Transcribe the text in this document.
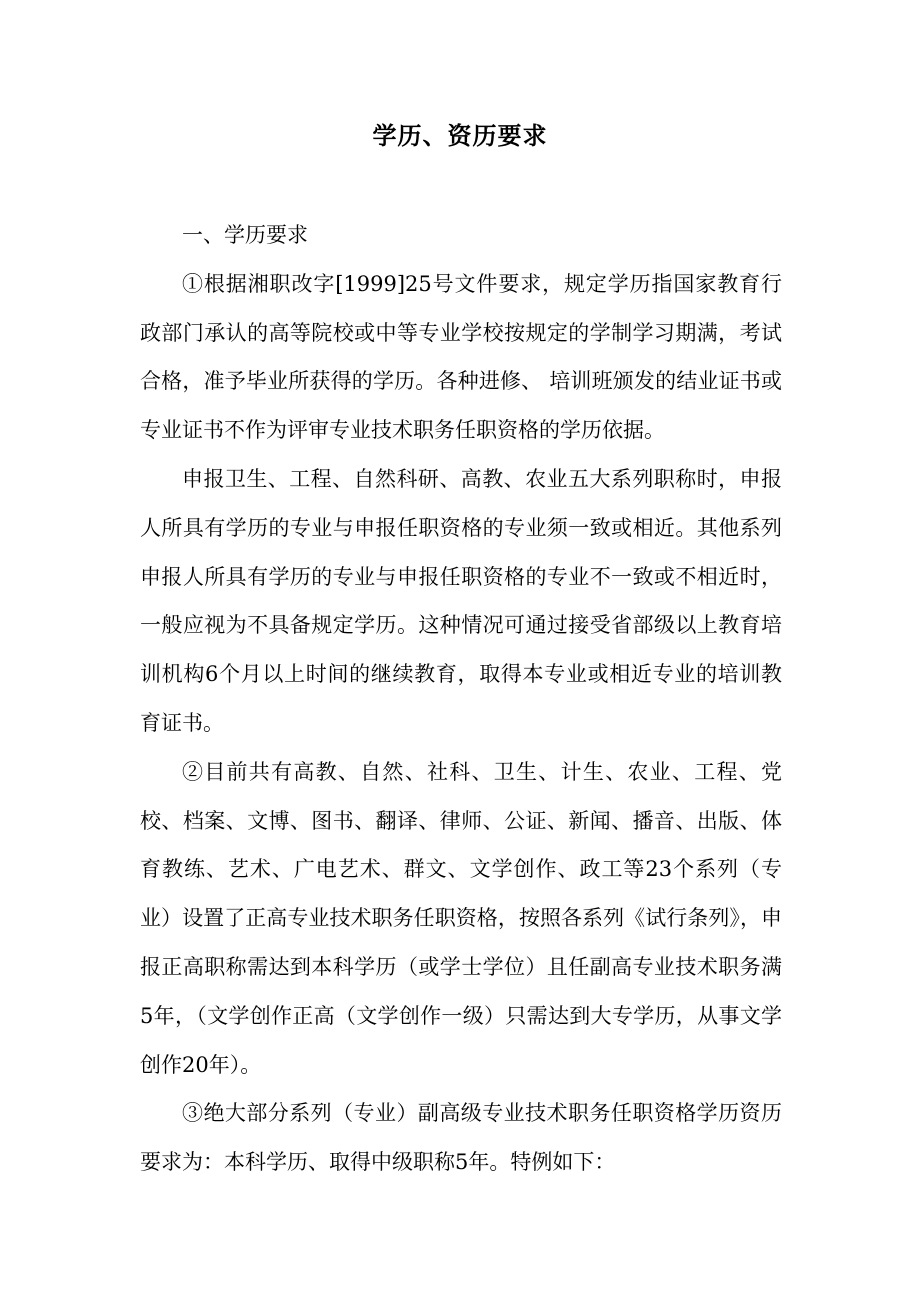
学历、资历要求

一、学历要求

①根据湘职改字[1999]25号文件要求，规定学历指国家教育行政部门承认的高等院校或中等专业学校按规定的学制学习期满，考试合格，准予毕业所获得的学历。各种进修、 培训班颁发的结业证书或专业证书不作为评审专业技术职务任职资格的学历依据。

申报卫生、工程、自然科研、高教、农业五大系列职称时，申报人所具有学历的专业与申报任职资格的专业须一致或相近。其他系列申报人所具有学历的专业与申报任职资格的专业不一致或不相近时，一般应视为不具备规定学历。这种情况可通过接受省部级以上教育培训机构6个月以上时间的继续教育，取得本专业或相近专业的培训教育证书。

②目前共有高教、自然、社科、卫生、计生、农业、工程、党校、档案、文博、图书、翻译、律师、公证、新闻、播音、出版、体育教练、艺术、广电艺术、群文、文学创作、政工等23个系列（专业）设置了正高专业技术职务任职资格，按照各系列《试行条列》，申报正高职称需达到本科学历（或学士学位）且任副高专业技术职务满5年，（文学创作正高（文学创作一级）只需达到大专学历，从事文学创作20年）。

③绝大部分系列（专业）副高级专业技术职务任职资格学历资历要求为：本科学历、取得中级职称5年。特例如下：
